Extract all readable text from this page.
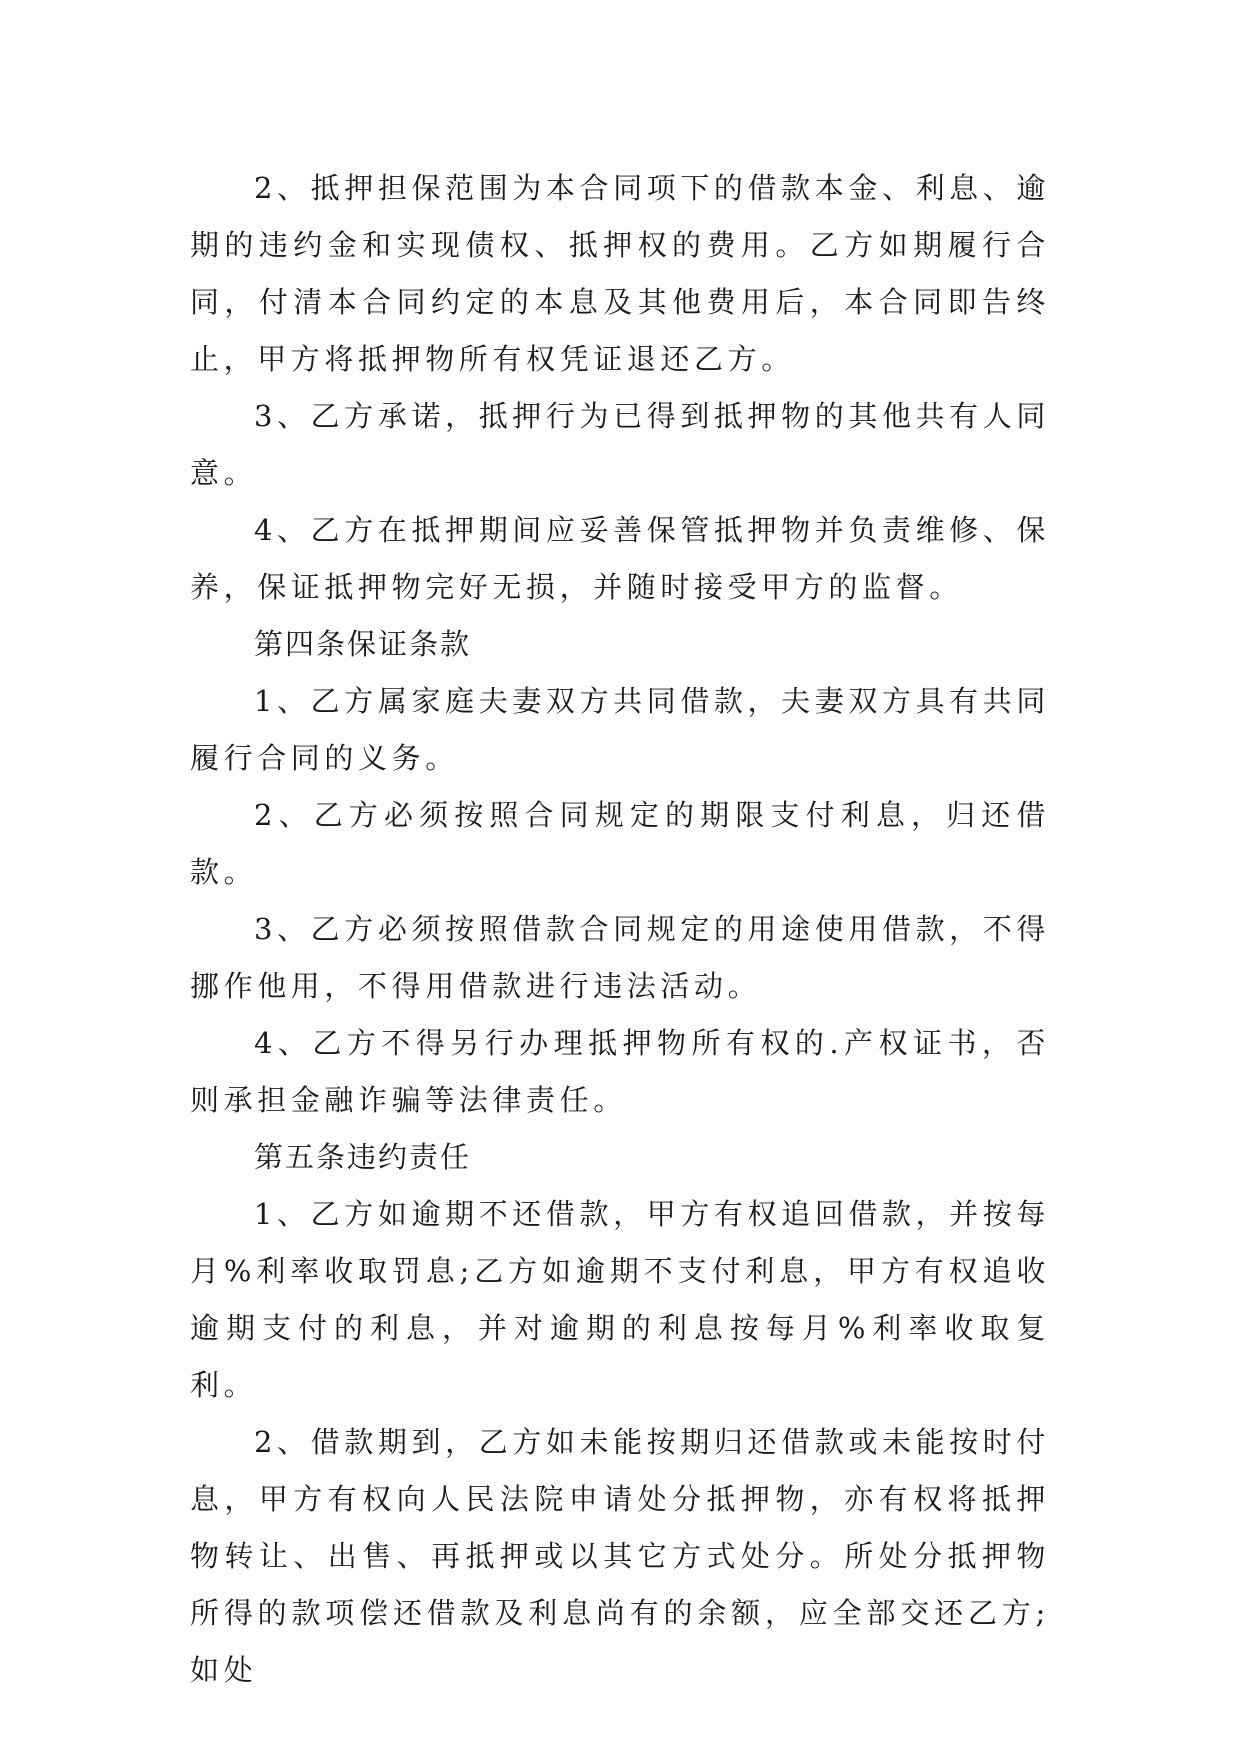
2、抵押担保范围为本合同项下的借款本金、利息、逾期的违约金和实现债权、抵押权的费用。乙方如期履行合同，付清本合同约定的本息及其他费用后，本合同即告终止，甲方将抵押物所有权凭证退还乙方。

3、乙方承诺，抵押行为已得到抵押物的其他共有人同意。

4、乙方在抵押期间应妥善保管抵押物并负责维修、保养，保证抵押物完好无损，并随时接受甲方的监督。

第四条保证条款

1、乙方属家庭夫妻双方共同借款，夫妻双方具有共同履行合同的义务。

2、乙方必须按照合同规定的期限支付利息，归还借款。

3、乙方必须按照借款合同规定的用途使用借款，不得挪作他用，不得用借款进行违法活动。

4、乙方不得另行办理抵押物所有权的.产权证书，否则承担金融诈骗等法律责任。

第五条违约责任

1、乙方如逾期不还借款，甲方有权追回借款，并按每月%利率收取罚息;乙方如逾期不支付利息，甲方有权追收逾期支付的利息，并对逾期的利息按每月%利率收取复利。

2、借款期到，乙方如未能按期归还借款或未能按时付息，甲方有权向人民法院申请处分抵押物，亦有权将抵押物转让、出售、再抵押或以其它方式处分。所处分抵押物所得的款项偿还借款及利息尚有的余额，应全部交还乙方;如处
